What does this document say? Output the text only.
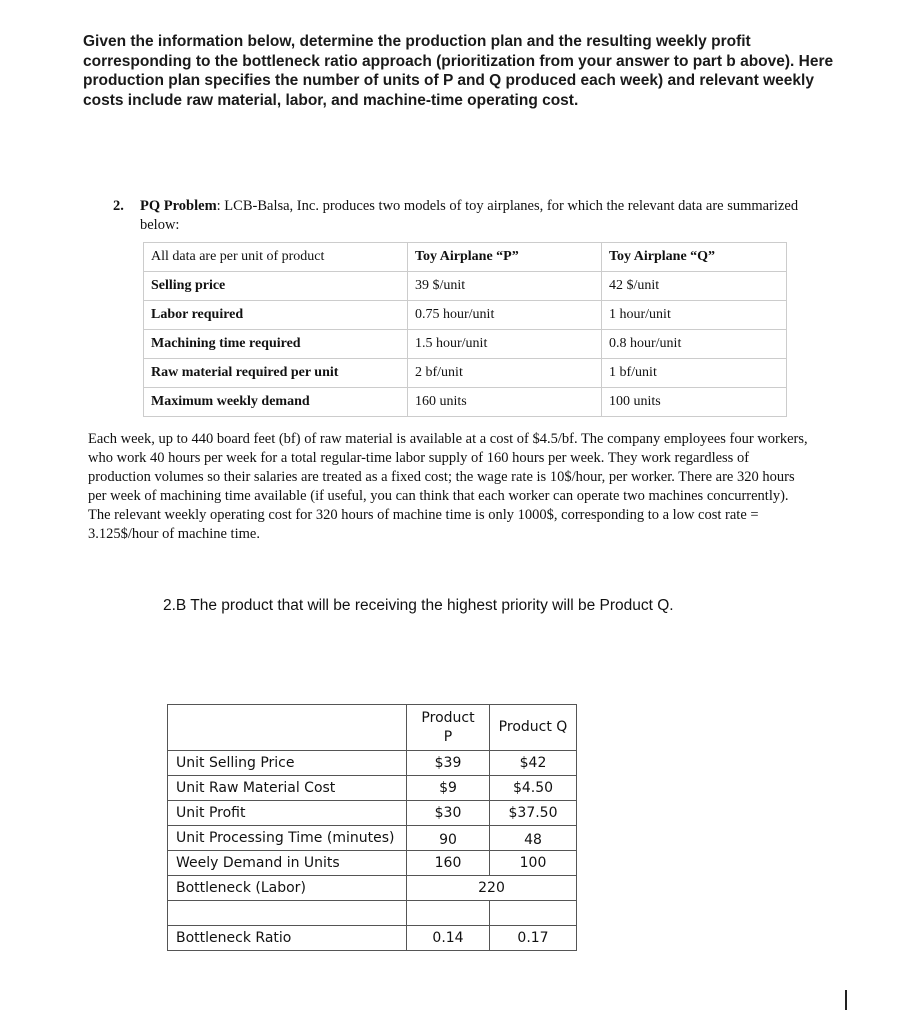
Given the information below, determine the production plan and the resulting weekly profit corresponding to the bottleneck ratio approach (prioritization from your answer to part b above). Here production plan specifies the number of units of P and Q produced each week) and relevant weekly costs include raw material, labor, and machine-time operating cost.
2. PQ Problem: LCB-Balsa, Inc. produces two models of toy airplanes, for which the relevant data are summarized below:
All data are per unit of product	Toy Airplane “P”	Toy Airplane “Q”
Selling price	39 $/unit	42 $/unit
Labor required	0.75 hour/unit	1 hour/unit
Machining time required	1.5 hour/unit	0.8 hour/unit
Raw material required per unit	2 bf/unit	1 bf/unit
Maximum weekly demand	160 units	100 units
Each week, up to 440 board feet (bf) of raw material is available at a cost of $4.5/bf. The company employees four workers, who work 40 hours per week for a total regular-time labor supply of 160 hours per week. They work regardless of production volumes so their salaries are treated as a fixed cost; the wage rate is 10$/hour, per worker. There are 320 hours per week of machining time available (if useful, you can think that each worker can operate two machines concurrently). The relevant weekly operating cost for 320 hours of machine time is only 1000$, corresponding to a low cost rate = 3.125$/hour of machine time.
2.B The product that will be receiving the highest priority will be Product Q.
	Product P	Product Q
Unit Selling Price	$39	$42
Unit Raw Material Cost	$9	$4.50
Unit Profit	$30	$37.50
Unit Processing Time (minutes)	90	48
Weely Demand in Units	160	100
Bottleneck (Labor)	220	

Bottleneck Ratio	0.14	0.17
